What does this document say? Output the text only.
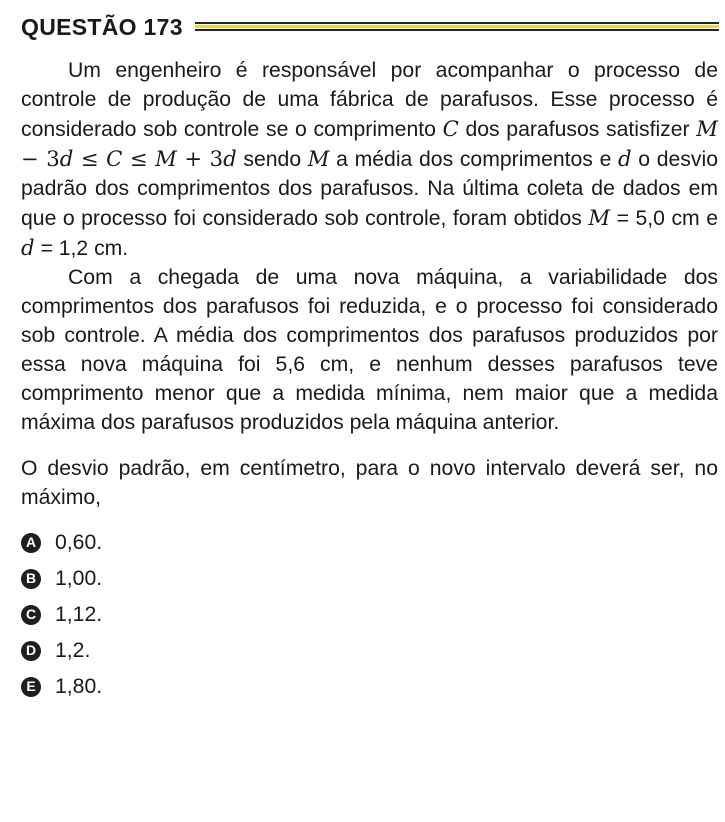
QUESTÃO 173

Um engenheiro é responsável por acompanhar o processo de controle de produção de uma fábrica de parafusos. Esse processo é considerado sob controle se o comprimento C dos parafusos satisfizer M − 3d ≤ C ≤ M + 3d sendo M a média dos comprimentos e d o desvio padrão dos comprimentos dos parafusos. Na última coleta de dados em que o processo foi considerado sob controle, foram obtidos M = 5,0 cm e d = 1,2 cm.

Com a chegada de uma nova máquina, a variabilidade dos comprimentos dos parafusos foi reduzida, e o processo foi considerado sob controle. A média dos comprimentos dos parafusos produzidos por essa nova máquina foi 5,6 cm, e nenhum desses parafusos teve comprimento menor que a medida mínima, nem maior que a medida máxima dos parafusos produzidos pela máquina anterior.

O desvio padrão, em centímetro, para o novo intervalo deverá ser, no máximo,

A 0,60.
B 1,00.
C 1,12.
D 1,2.
E 1,80.
